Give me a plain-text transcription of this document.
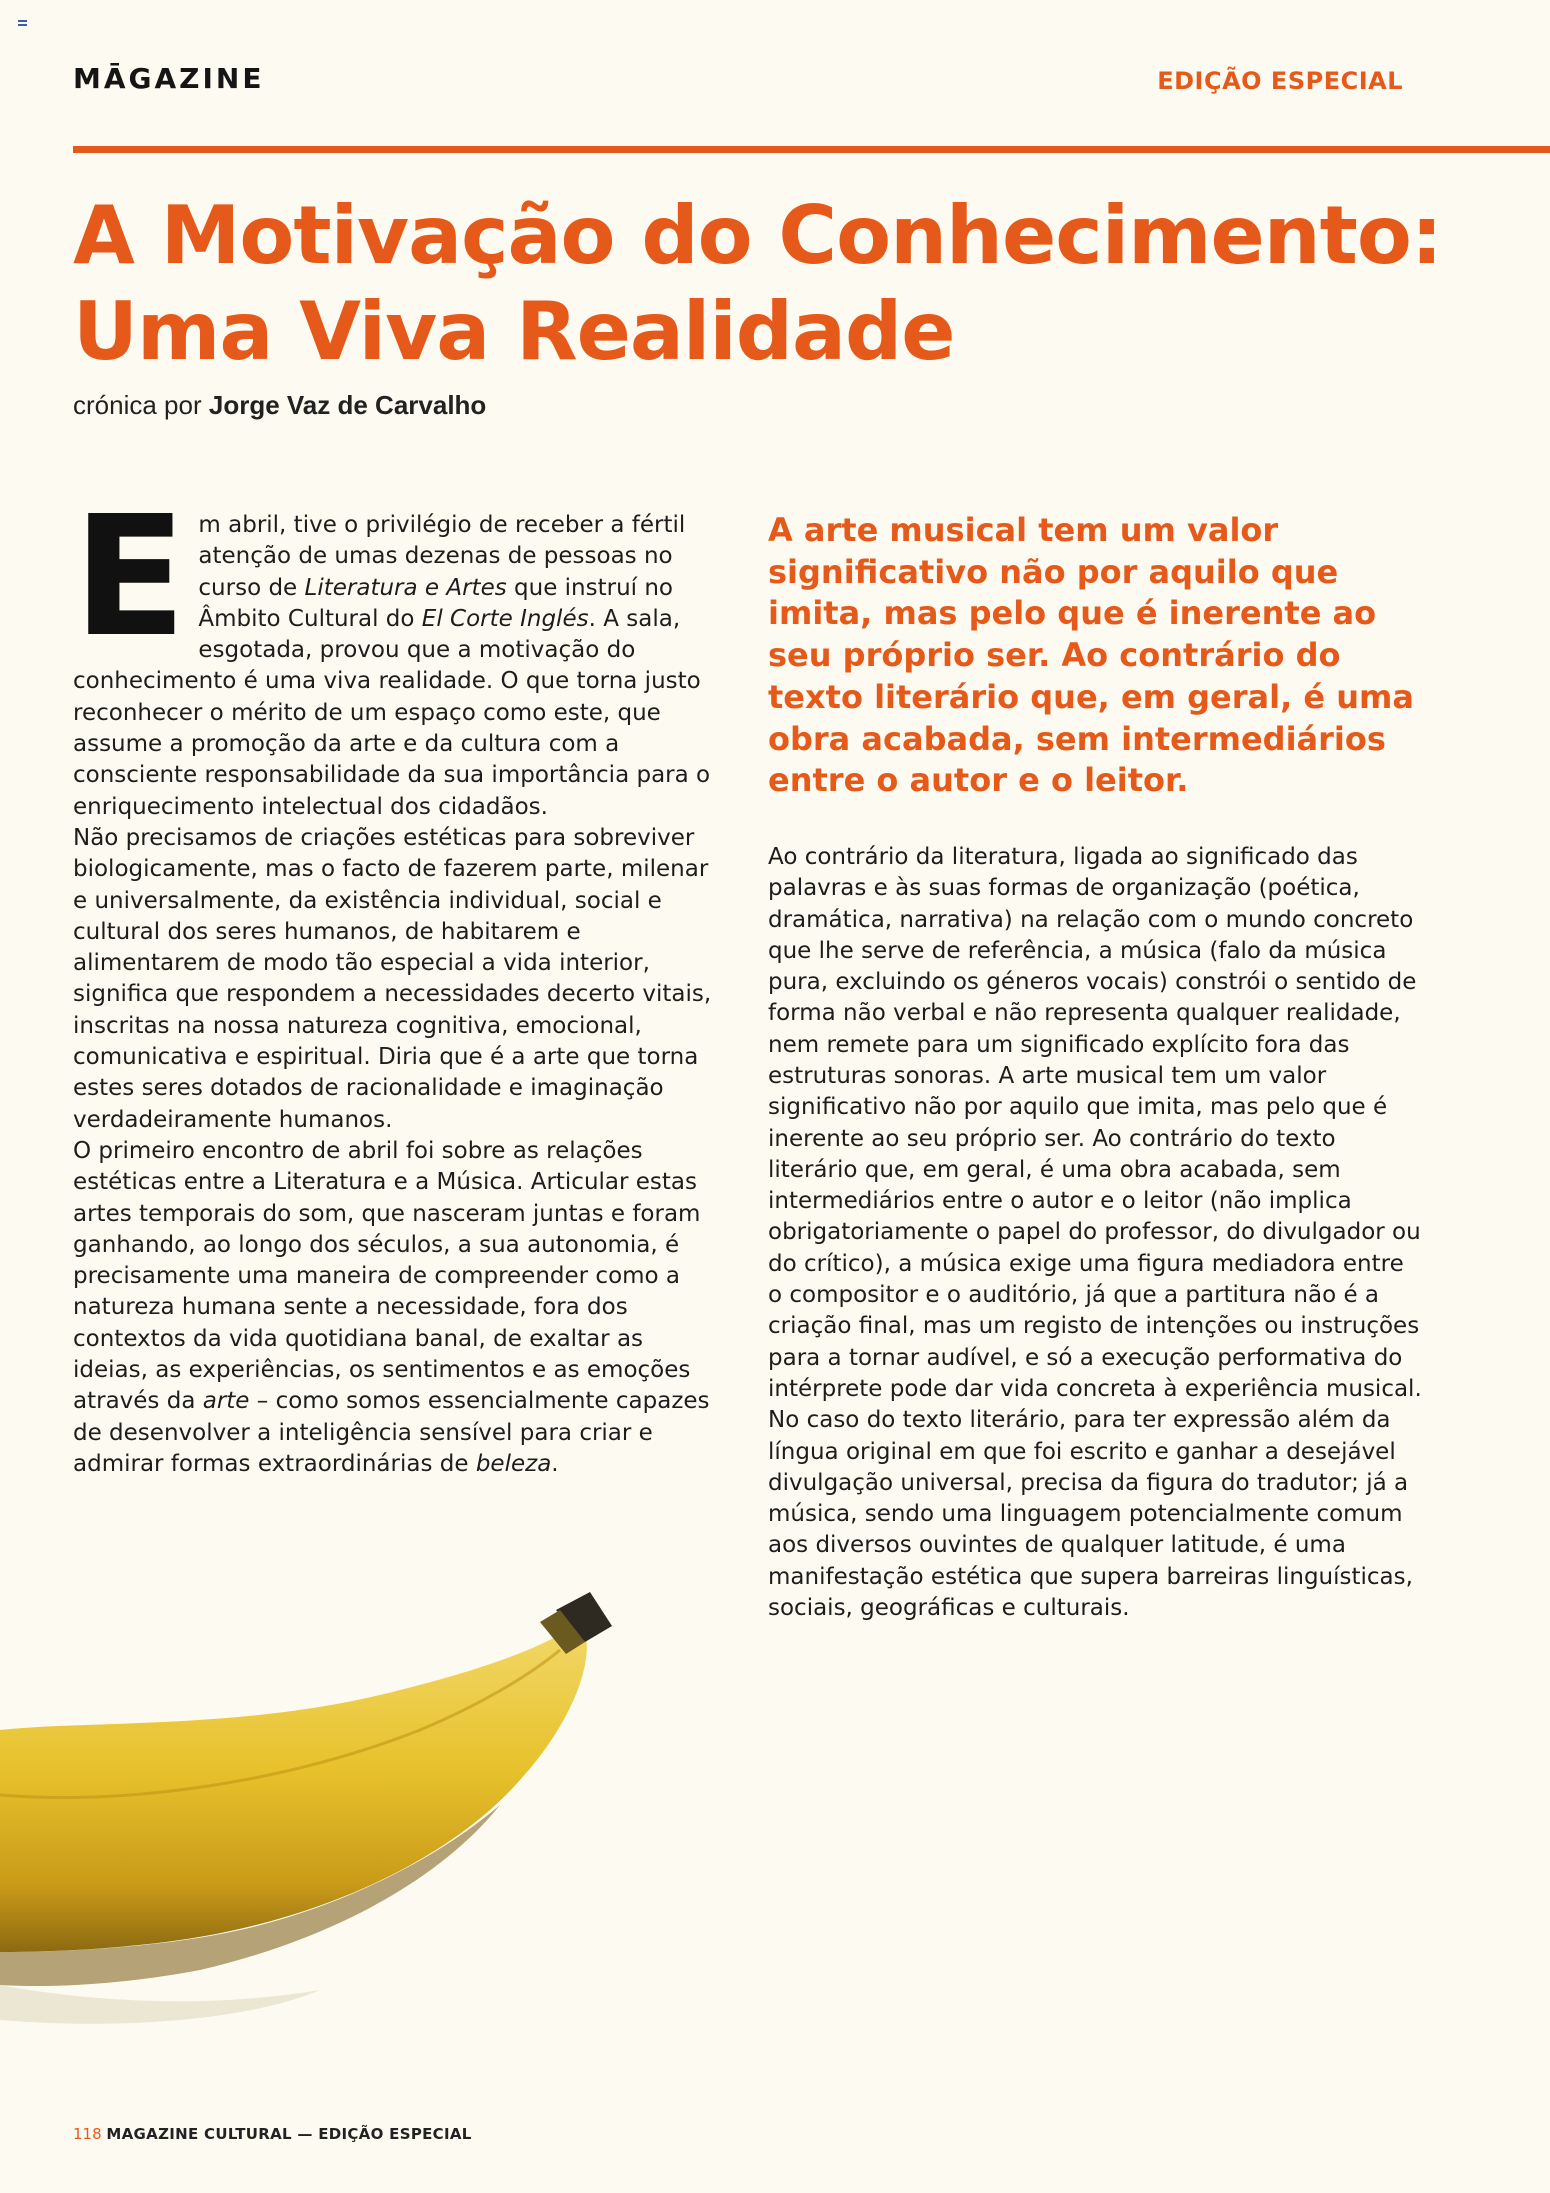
MĀGAZINE	EDIÇÃO ESPECIAL
A Motivação do Conhecimento:
Uma Viva Realidade
crónica por Jorge Vaz de Carvalho
E m abril, tive o privilégio de receber a fértil atenção de umas dezenas de pessoas no curso de Literatura e Artes que instruí no Âmbito Cultural do El Corte Inglés. A sala, esgotada, provou que a motivação do conhecimento é uma viva realidade. O que torna justo reconhecer o mérito de um espaço como este, que assume a promoção da arte e da cultura com a consciente responsabilidade da sua importância para o enriquecimento intelectual dos cidadãos.

Não precisamos de criações estéticas para sobreviver biologicamente, mas o facto de fazerem parte, milenar e universalmente, da existência individual, social e cultural dos seres humanos, de habitarem e alimentarem de modo tão especial a vida interior, significa que respondem a necessidades decerto vitais, inscritas na nossa natureza cognitiva, emocional, comunicativa e espiritual. Diria que é a arte que torna estes seres dotados de racionalidade e imaginação verdadeiramente humanos.

O primeiro encontro de abril foi sobre as relações estéticas entre a Literatura e a Música. Articular estas artes temporais do som, que nasceram juntas e foram ganhando, ao longo dos séculos, a sua autonomia, é precisamente uma maneira de compreender como a natureza humana sente a necessidade, fora dos contextos da vida quotidiana banal, de exaltar as ideias, as experiências, os sentimentos e as emoções através da arte – como somos essencialmente capazes de desenvolver a inteligência sensível para criar e admirar formas extraordinárias de beleza.

A arte musical tem um valor significativo não por aquilo que imita, mas pelo que é inerente ao seu próprio ser. Ao contrário do texto literário que, em geral, é uma obra acabada, sem intermediários entre o autor e o leitor.

Ao contrário da literatura, ligada ao significado das palavras e às suas formas de organização (poética, dramática, narrativa) na relação com o mundo concreto que lhe serve de referência, a música (falo da música pura, excluindo os géneros vocais) constrói o sentido de forma não verbal e não representa qualquer realidade, nem remete para um significado explícito fora das estruturas sonoras. A arte musical tem um valor significativo não por aquilo que imita, mas pelo que é inerente ao seu próprio ser. Ao contrário do texto literário que, em geral, é uma obra acabada, sem intermediários entre o autor e o leitor (não implica obrigatoriamente o papel do professor, do divulgador ou do crítico), a música exige uma figura mediadora entre o compositor e o auditório, já que a partitura não é a criação final, mas um registo de intenções ou instruções para a tornar audível, e só a execução performativa do intérprete pode dar vida concreta à experiência musical.

No caso do texto literário, para ter expressão além da língua original em que foi escrito e ganhar a desejável divulgação universal, precisa da figura do tradutor; já a música, sendo uma linguagem potencialmente comum aos diversos ouvintes de qualquer latitude, é uma manifestação estética que supera barreiras linguísticas, sociais, geográficas e culturais.

118 MAGAZINE CULTURAL — EDIÇÃO ESPECIAL
